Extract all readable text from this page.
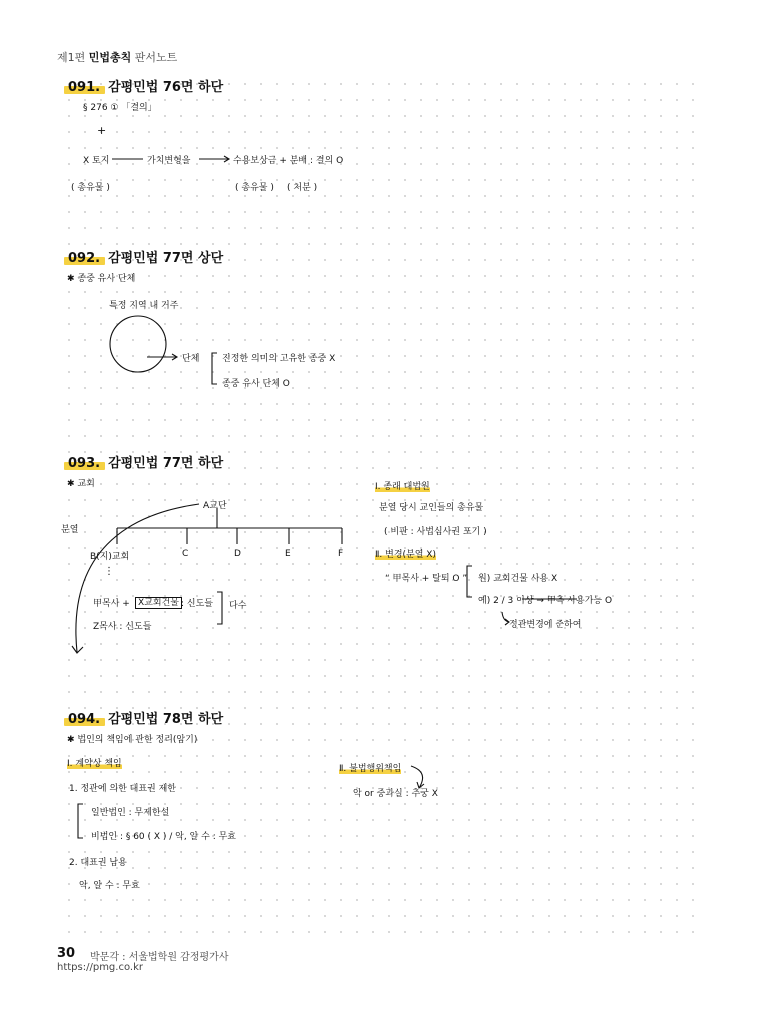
제1편 민법총칙 판서노트
091. 감평민법 76면 하단
§ 276 ① 「결의」
+
X 토지	가치변형을	수용보상금 + 분배 : 결의 O
( 총유물 )	( 총유물 ) ( 처분 )
092. 감평민법 77면 상단
✱ 종중 유사 단체
특정 지역 내 거주
단체	진정한 의미의 고유한 종중 X
종중 유사 단체 O
093. 감평민법 77면 하단
✱ 교회
A교단
분열
B(지)교회	C	D	E	F
⋮
甲목사 + X교회건물 : 신도들 다수
Z목사 : 신도들
Ⅰ. 종래 대법원
분열 당시 교인들의 총유물
( 비판 : 사법심사권 포기 )
Ⅱ. 변경(분열 X)
“ 甲목사 + 탈퇴 O ” 원) 교회건물 사용 X
예) 2 / 3 이상 → 甲측 사용가능 O
정관변경에 준하여
094. 감평민법 78면 하단
✱ 법인의 책임에 관한 정리(암기)
Ⅰ. 계약상 책임
1. 정관에 의한 대표권 제한
일반법인 : 무제한설
비법인 : § 60 ( X ) / 악, 알 수 : 무효
2. 대표권 남용
악, 알 수 : 무효
Ⅱ. 불법행위책임
악 or 중과실 : 추궁 X
30 박문각 : 서울법학원 감정평가사
https://pmg.co.kr
